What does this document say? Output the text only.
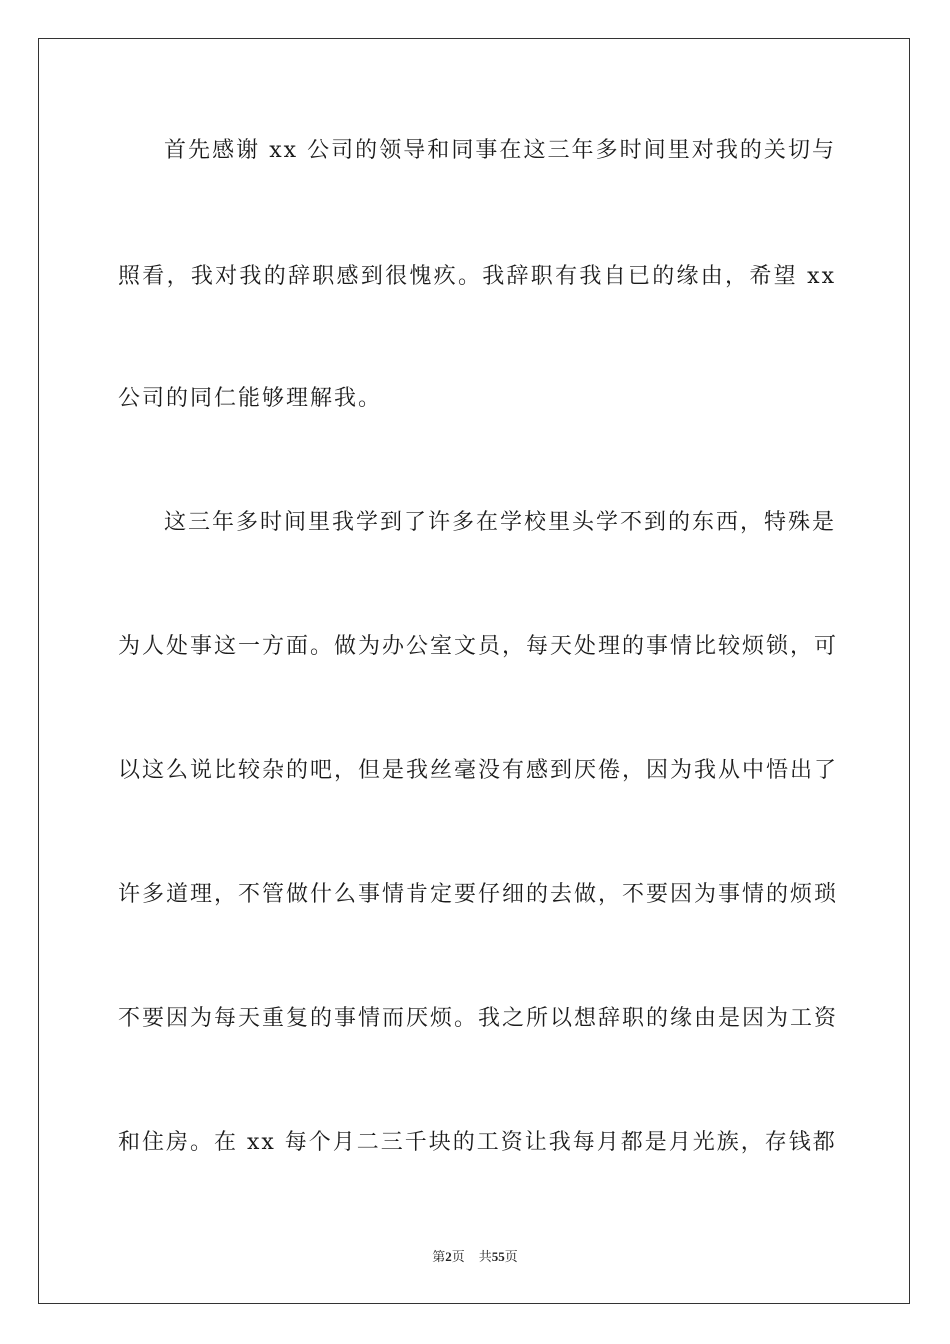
首先感谢 xx 公司的领导和同事在这三年多时间里对我的关切与
照看，我对我的辞职感到很愧疚。我辞职有我自已的缘由，希望 xx
公司的同仁能够理解我。
这三年多时间里我学到了许多在学校里头学不到的东西，特殊是
为人处事这一方面。做为办公室文员，每天处理的事情比较烦锁，可
以这么说比较杂的吧，但是我丝毫没有感到厌倦，因为我从中悟出了
许多道理，不管做什么事情肯定要仔细的去做，不要因为事情的烦琐
不要因为每天重复的事情而厌烦。我之所以想辞职的缘由是因为工资
和住房。在 xx 每个月二三千块的工资让我每月都是月光族，存钱都
第2页 共55页
